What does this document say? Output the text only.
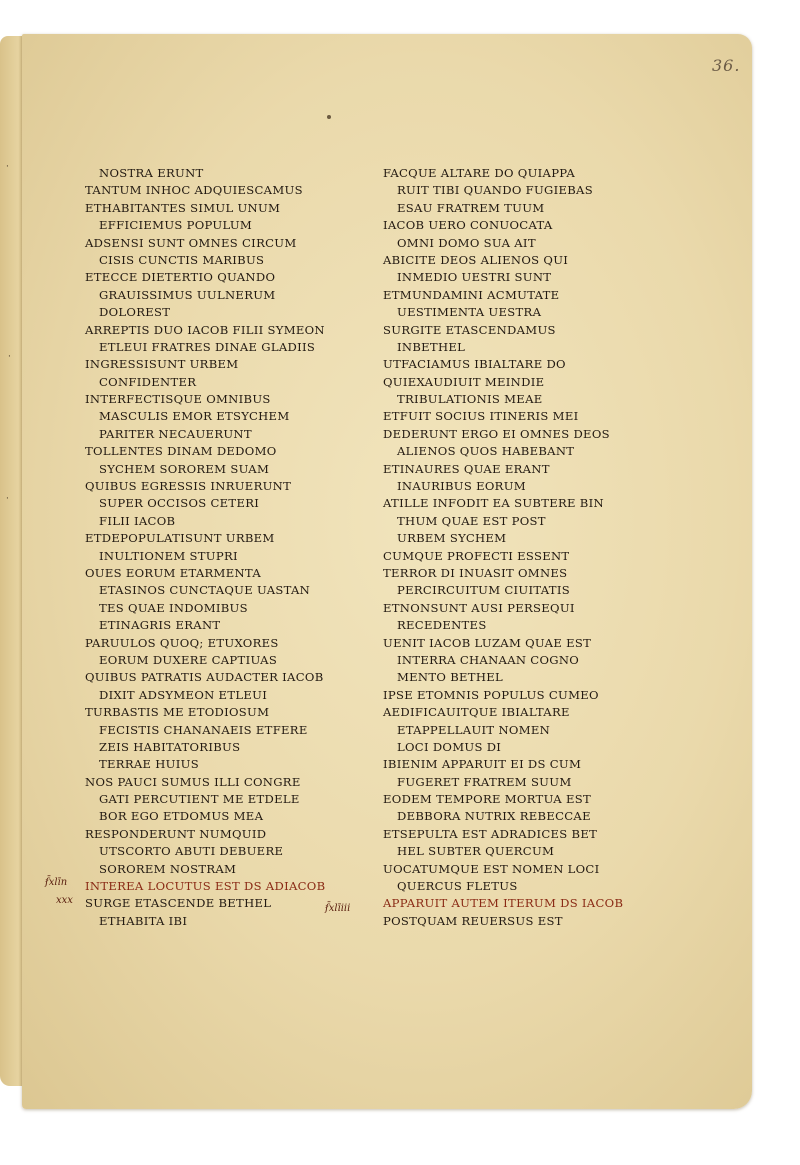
·
·
·
36.
NOSTRA ERUNT
TANTUM INHOC ADQUIESCAMUS
ETHABITANTES SIMUL UNUM
EFFICIEMUS POPULUM
ADSENSI SUNT OMNES CIRCUM
CISIS CUNCTIS MARIBUS
ETECCE DIETERTIO QUANDO
GRAUISSIMUS UULNERUM
DOLOREST
ARREPTIS DUO IACOB FILII SYMEON
ETLEUI FRATRES DINAE GLADIIS
INGRESSISUNT URBEM
CONFIDENTER
INTERFECTISQUE OMNIBUS
MASCULIS EMOR ETSYCHEM
PARITER NECAUERUNT
TOLLENTES DINAM DEDOMO
SYCHEM SOROREM SUAM
QUIBUS EGRESSIS INRUERUNT
SUPER OCCISOS CETERI
FILII IACOB
ETDEPOPULATISUNT URBEM
INULTIONEM STUPRI
OUES EORUM ETARMENTA
ETASINOS CUNCTAQUE UASTAN
TES QUAE INDOMIBUS
ETINAGRIS ERANT
PARUULOS QUOQ; ETUXORES
EORUM DUXERE CAPTIUAS
QUIBUS PATRATIS AUDACTER IACOB
DIXIT ADSYMEON ETLEUI
TURBASTIS ME ETODIOSUM
FECISTIS CHANANAEIS ETFERE
ZEIS HABITATORIBUS
TERRAE HUIUS
NOS PAUCI SUMUS ILLI CONGRE
GATI PERCUTIENT ME ETDELE
BOR EGO ETDOMUS MEA
RESPONDERUNT NUMQUID
UTSCORTO ABUTI DEBUERE
SOROREM NOSTRAM
INTEREA LOCUTUS EST DS ADIACOB
SURGE ETASCENDE BETHEL
ETHABITA IBI
FACQUE ALTARE DO QUIAPPA
RUIT TIBI QUANDO FUGIEBAS
ESAU FRATREM TUUM
IACOB UERO CONUOCATA
OMNI DOMO SUA AIT
ABICITE DEOS ALIENOS QUI
INMEDIO UESTRI SUNT
ETMUNDAMINI ACMUTATE
UESTIMENTA UESTRA
SURGITE ETASCENDAMUS
INBETHEL
UTFACIAMUS IBIALTARE DO
QUIEXAUDIUIT MEINDIE
TRIBULATIONIS MEAE
ETFUIT SOCIUS ITINERIS MEI
DEDERUNT ERGO EI OMNES DEOS
ALIENOS QUOS HABEBANT
ETINAURES QUAE ERANT
INAURIBUS EORUM
ATILLE INFODIT EA SUBTERE BIN
THUM QUAE EST POST
URBEM SYCHEM
CUMQUE PROFECTI ESSENT
TERROR DI INUASIT OMNES
PERCIRCUITUM CIUITATIS
ETNONSUNT AUSI PERSEQUI
RECEDENTES
UENIT IACOB LUZAM QUAE EST
INTERRA CHANAAN COGNO
MENTO BETHEL
IPSE ETOMNIS POPULUS CUMEO
AEDIFICAUITQUE IBIALTARE
ETAPPELLAUIT NOMEN
LOCI DOMUS DI
IBIENIM APPARUIT EI DS CUM
FUGERET FRATREM SUUM
EODEM TEMPORE MORTUA EST
DEBBORA NUTRIX REBECCAE
ETSEPULTA EST ADRADICES BET
HEL SUBTER QUERCUM
UOCATUMQUE EST NOMEN LOCI
QUERCUS FLETUS
APPARUIT AUTEM ITERUM DS IACOB
POSTQUAM REUERSUS EST
ẜ̄xlīn
xxx
ẜ̄xlīiii
